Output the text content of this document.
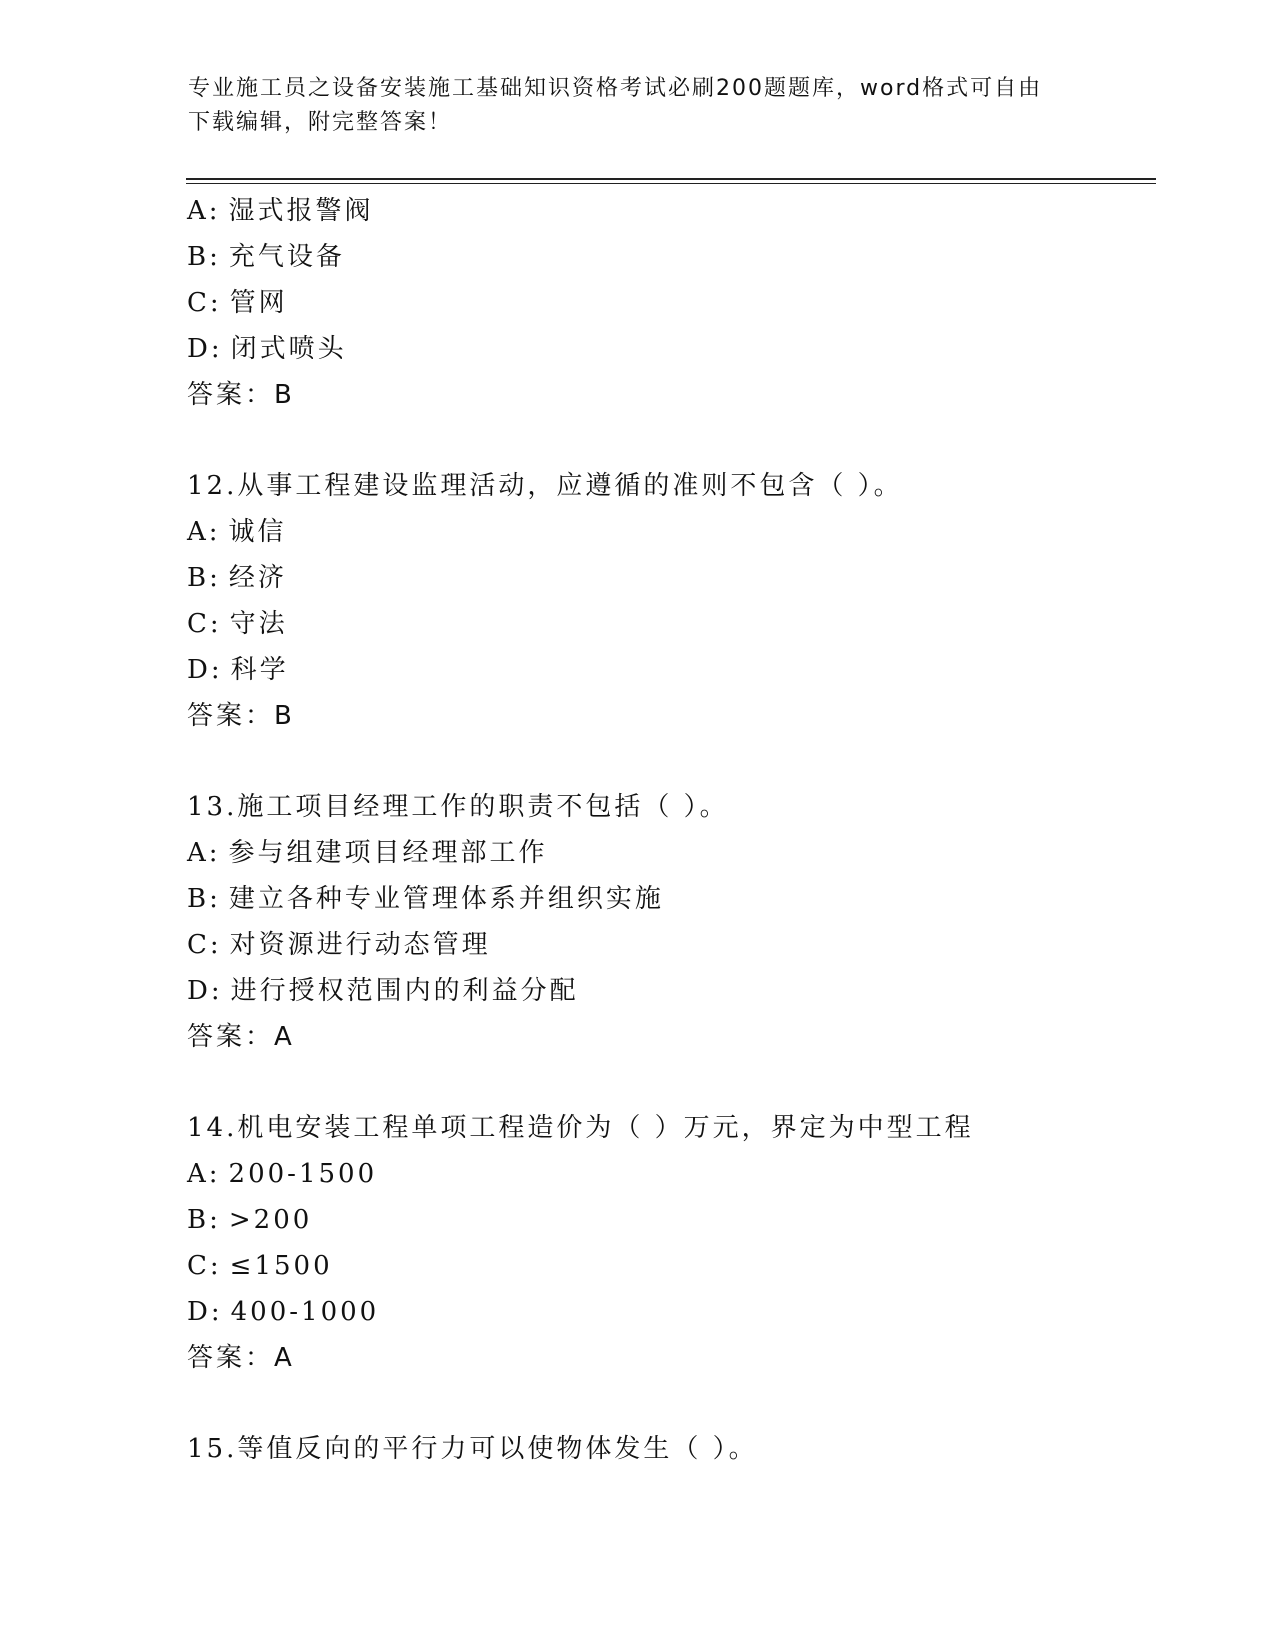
专业施工员之设备安装施工基础知识资格考试必刷200题题库，word格式可自由
下载编辑，附完整答案！
A: 湿式报警阀
B: 充气设备
C: 管网
D: 闭式喷头
答案：B
12.从事工程建设监理活动，应遵循的准则不包含（ ）。
A: 诚信
B: 经济
C: 守法
D: 科学
答案：B
13.施工项目经理工作的职责不包括（ ）。
A: 参与组建项目经理部工作
B: 建立各种专业管理体系并组织实施
C: 对资源进行动态管理
D: 进行授权范围内的利益分配
答案：A
14.机电安装工程单项工程造价为（ ）万元，界定为中型工程
A: 200-1500
B: >200
C: ≤1500
D: 400-1000
答案：A
15.等值反向的平行力可以使物体发生（ ）。
